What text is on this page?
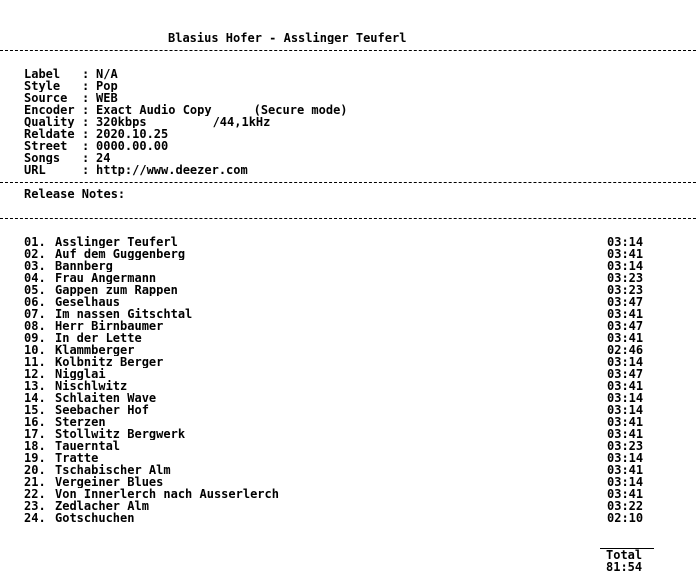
Blasius Hofer - Asslinger Teuferl
Label	: N/A
Style	: Pop
Source	: WEB
Encoder : Exact Audio Copy	(Secure mode)
Quality : 320kbps	/44,1kHz
Reldate : 2020.10.25
Street	: 0000.00.00
Songs	: 24
URL	: http://www.deezer.com
Release Notes:
01. Asslinger Teuferl	03:14
02. Auf dem Guggenberg	03:41
03. Bannberg	03:14
04. Frau Angermann	03:23
05. Gappen zum Rappen	03:23
06. Geselhaus	03:47
07. Im nassen Gitschtal	03:41
08. Herr Birnbaumer	03:47
09. In der Lette	03:41
10. Klammberger	02:46
11. Kolbnitz Berger	03:14
12. Nigglai	03:47
13. Nischlwitz	03:41
14. Schlaiten Wave	03:14
15. Seebacher Hof	03:14
16. Sterzen	03:41
17. Stollwitz Bergwerk	03:41
18. Tauerntal	03:23
19. Tratte	03:14
20. Tschabischer Alm	03:41
21. Vergeiner Blues	03:14
22. Von Innerlerch nach Ausserlerch	03:41
23. Zedlacher Alm	03:22
24. Gotschuchen	02:10
Total
81:54
